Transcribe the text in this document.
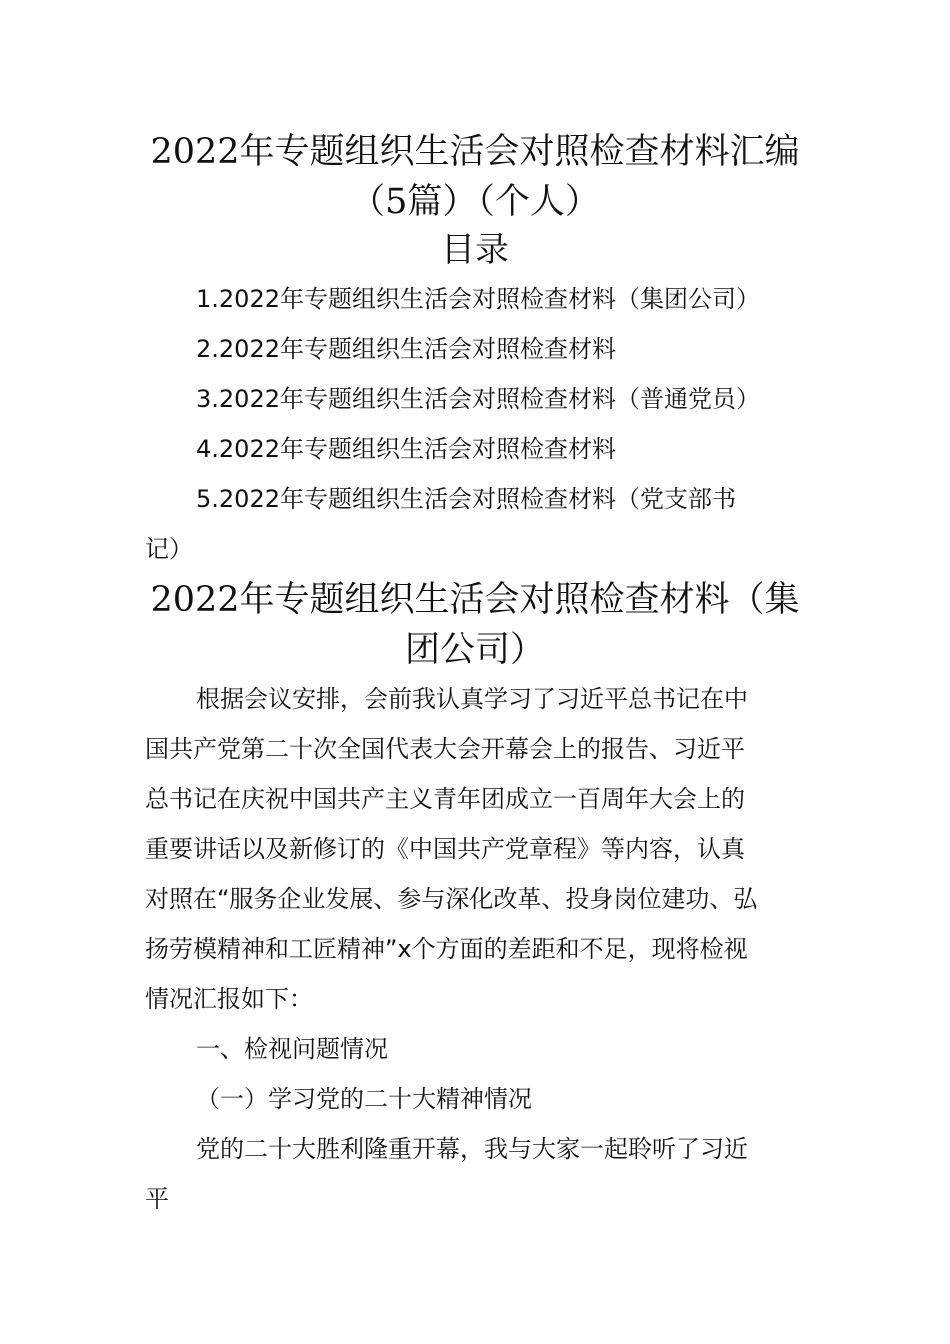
2022年专题组织生活会对照检查材料汇编
（5篇）（个人）
目录
1.2022年专题组织生活会对照检查材料（集团公司）
2.2022年专题组织生活会对照检查材料
3.2022年专题组织生活会对照检查材料（普通党员）
4.2022年专题组织生活会对照检查材料
5.2022年专题组织生活会对照检查材料（党支部书
记）
2022年专题组织生活会对照检查材料（集
团公司）
根据会议安排，会前我认真学习了习近平总书记在中
国共产党第二十次全国代表大会开幕会上的报告、习近平
总书记在庆祝中国共产主义青年团成立一百周年大会上的
重要讲话以及新修订的《中国共产党章程》等内容，认真
对照在“服务企业发展、参与深化改革、投身岗位建功、弘
扬劳模精神和工匠精神”x个方面的差距和不足，现将检视
情况汇报如下：
一、检视问题情况
（一）学习党的二十大精神情况
党的二十大胜利隆重开幕，我与大家一起聆听了习近
平
